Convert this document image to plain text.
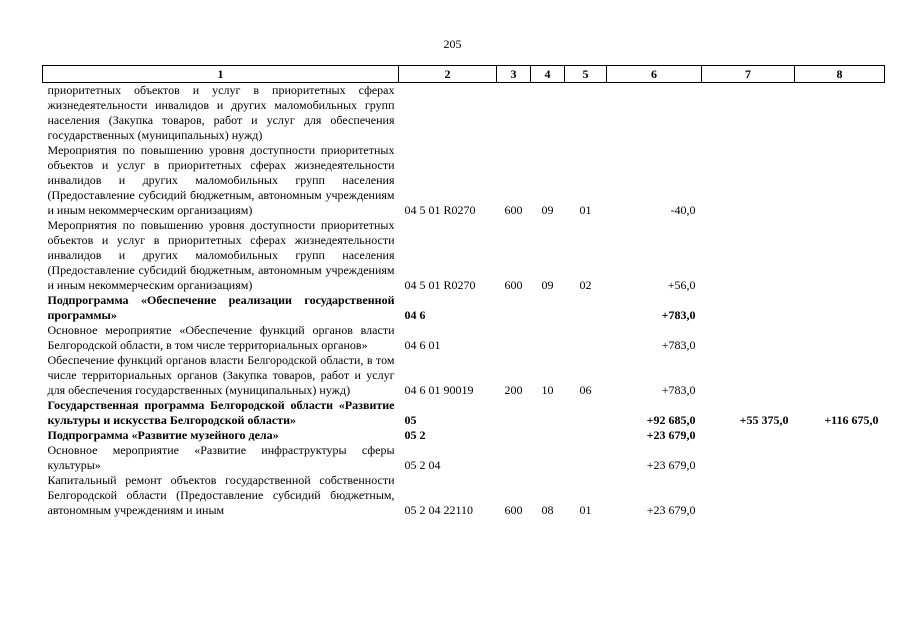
205
1	2	3	4	5	6	7	8
приоритетных объектов и услуг в приоритетных сферах жизнедеятельности инвалидов и других маломобильных групп населения (Закупка товаров, работ и услуг для обеспечения государственных (муниципальных) нужд)							
Мероприятия по повышению уровня доступности приоритетных объектов и услуг в приоритетных сферах жизнедеятельности инвалидов и других маломобильных групп населения (Предоставление субсидий бюджетным, автономным учреждениям и иным некоммерческим организациям)	04 5 01 R0270	600	09	01	-40,0		
Мероприятия по повышению уровня доступности приоритетных объектов и услуг в приоритетных сферах жизнедеятельности инвалидов и других маломобильных групп населения (Предоставление субсидий бюджетным, автономным учреждениям и иным некоммерческим организациям)	04 5 01 R0270	600	09	02	+56,0		
Подпрограмма «Обеспечение реализации государственной программы»	04 6				+783,0		
Основное мероприятие «Обеспечение функций органов власти Белгородской области, в том числе территориальных органов»	04 6 01				+783,0		
Обеспечение функций органов власти Белгородской области, в том числе территориальных органов (Закупка товаров, работ и услуг для обеспечения государственных (муниципальных) нужд)	04 6 01 90019	200	10	06	+783,0		
Государственная программа Белгородской области «Развитие культуры и искусства Белгородской области»	05				+92 685,0	+55 375,0	+116 675,0
Подпрограмма «Развитие музейного дела»	05 2				+23 679,0		
Основное мероприятие «Развитие инфраструктуры сферы культуры»	05 2 04				+23 679,0		
Капитальный ремонт объектов государственной собственности Белгородской области (Предоставление субсидий бюджетным, автономным учреждениям и иным	05 2 04 22110	600	08	01	+23 679,0		
